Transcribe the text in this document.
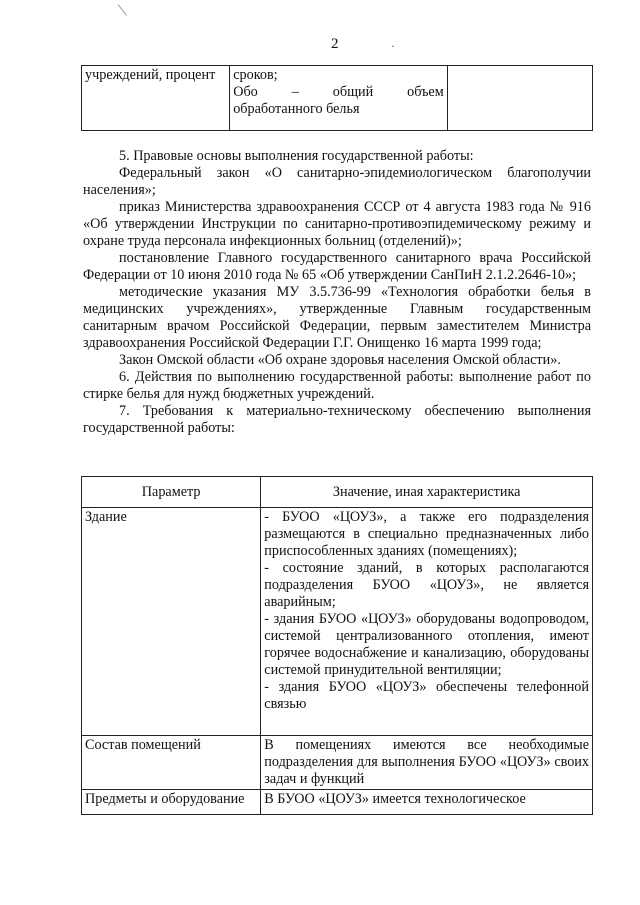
2	·
учреждений, процент	сроков;
Обо – общий объем обработанного белья

5. Правовые основы выполнения государственной работы:

Федеральный закон «О санитарно-эпидемиологическом благополучии населения»;

приказ Министерства здравоохранения СССР от 4 августа 1983 года № 916 «Об утверждении Инструкции по санитарно-противоэпидемическому режиму и охране труда персонала инфекционных больниц (отделений)»;

постановление Главного государственного санитарного врача Российской Федерации от 10 июня 2010 года № 65 «Об утверждении СанПиН 2.1.2.2646-10»;

методические указания МУ 3.5.736-99 «Технология обработки белья в медицинских учреждениях», утвержденные Главным государственным санитарным врачом Российской Федерации, первым заместителем Министра здравоохранения Российской Федерации Г.Г. Онищенко 16 марта 1999 года;

Закон Омской области «Об охране здоровья населения Омской области».

6. Действия по выполнению государственной работы: выполнение работ по стирке белья для нужд бюджетных учреждений.

7. Требования к материально-техническому обеспечению выполнения государственной работы:

Параметр	Значение, иная характеристика
Здание	- БУОО «ЦОУЗ», а также его подразделения размещаются в специально предназначенных либо приспособленных зданиях (помещениях);
- состояние зданий, в которых располагаются подразделения БУОО «ЦОУЗ», не является аварийным;
- здания БУОО «ЦОУЗ» оборудованы водопроводом, системой централизованного отопления, имеют горячее водоснабжение и канализацию, оборудованы системой принудительной вентиляции;
- здания БУОО «ЦОУЗ» обеспечены телефонной связью

Состав помещений	В помещениях имеются все необходимые подразделения для выполнения БУОО «ЦОУЗ» своих задач и функций
Предметы и оборудование	В БУОО «ЦОУЗ» имеется технологическое
